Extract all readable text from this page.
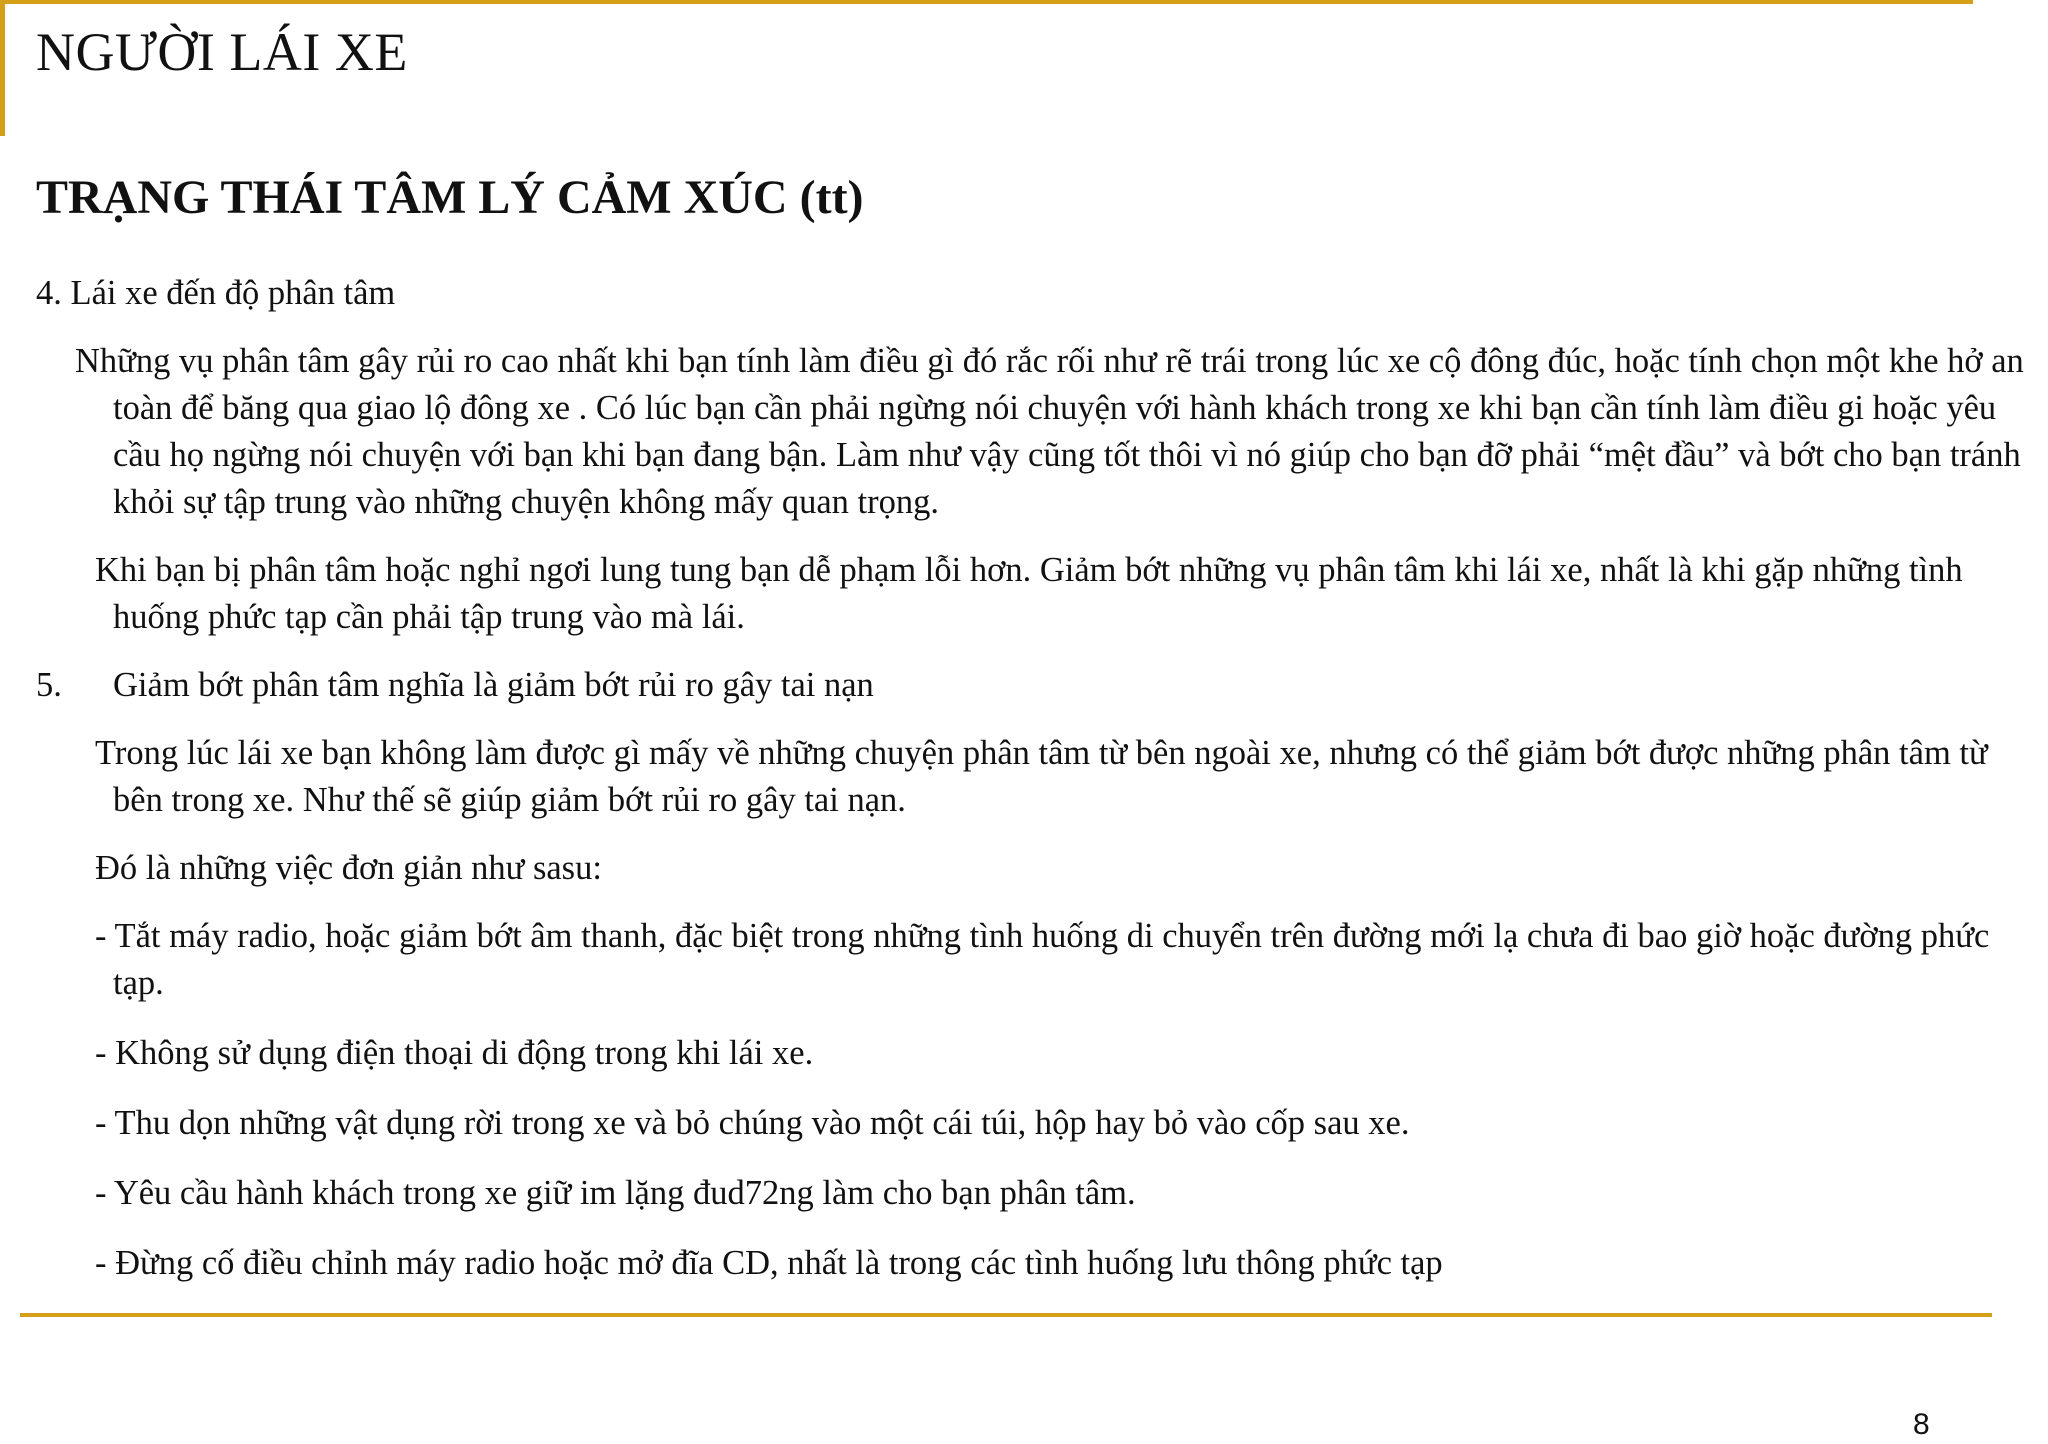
NGƯỜI LÁI XE
TRẠNG THÁI TÂM LÝ CẢM XÚC (tt)

4. Lái xe đến độ phân tâm

Những vụ phân tâm gây rủi ro cao nhất khi bạn tính làm điều gì đó rắc rối như rẽ trái trong lúc xe cộ đông đúc, hoặc tính chọn một khe hở an toàn để băng qua giao lộ đông xe . Có lúc bạn cần phải ngừng nói chuyện với hành khách trong xe khi bạn cần tính làm điều gi hoặc yêu cầu họ ngừng nói chuyện với bạn khi bạn đang bận. Làm như vậy cũng tốt thôi vì nó giúp cho bạn đỡ phải “mệt đầu” và bớt cho bạn tránh khỏi sự tập trung vào những chuyện không mấy quan trọng.

Khi bạn bị phân tâm hoặc nghỉ ngơi lung tung bạn dễ phạm lỗi hơn. Giảm bớt những vụ phân tâm khi lái xe, nhất là khi gặp những tình huống phức tạp cần phải tập trung vào mà lái.

5.	Giảm bớt phân tâm nghĩa là giảm bớt rủi ro gây tai nạn

Trong lúc lái xe bạn không làm được gì mấy về những chuyện phân tâm từ bên ngoài xe, nhưng có thể giảm bớt được những phân tâm từ bên trong xe. Như thế sẽ giúp giảm bớt rủi ro gây tai nạn.

Đó là những việc đơn giản như sasu:

- Tắt máy radio, hoặc giảm bớt âm thanh, đặc biệt trong những tình huống di chuyển trên đường mới lạ chưa đi bao giờ hoặc đường phức tạp.

- Không sử dụng điện thoại di động trong khi lái xe.

- Thu dọn những vật dụng rời trong xe và bỏ chúng vào một cái túi, hộp hay bỏ vào cốp sau xe.

- Yêu cầu hành khách trong xe giữ im lặng đud72ng làm cho bạn phân tâm.

- Đừng cố điều chỉnh máy radio hoặc mở đĩa CD, nhất là trong các tình huống lưu thông phức tạp

8
